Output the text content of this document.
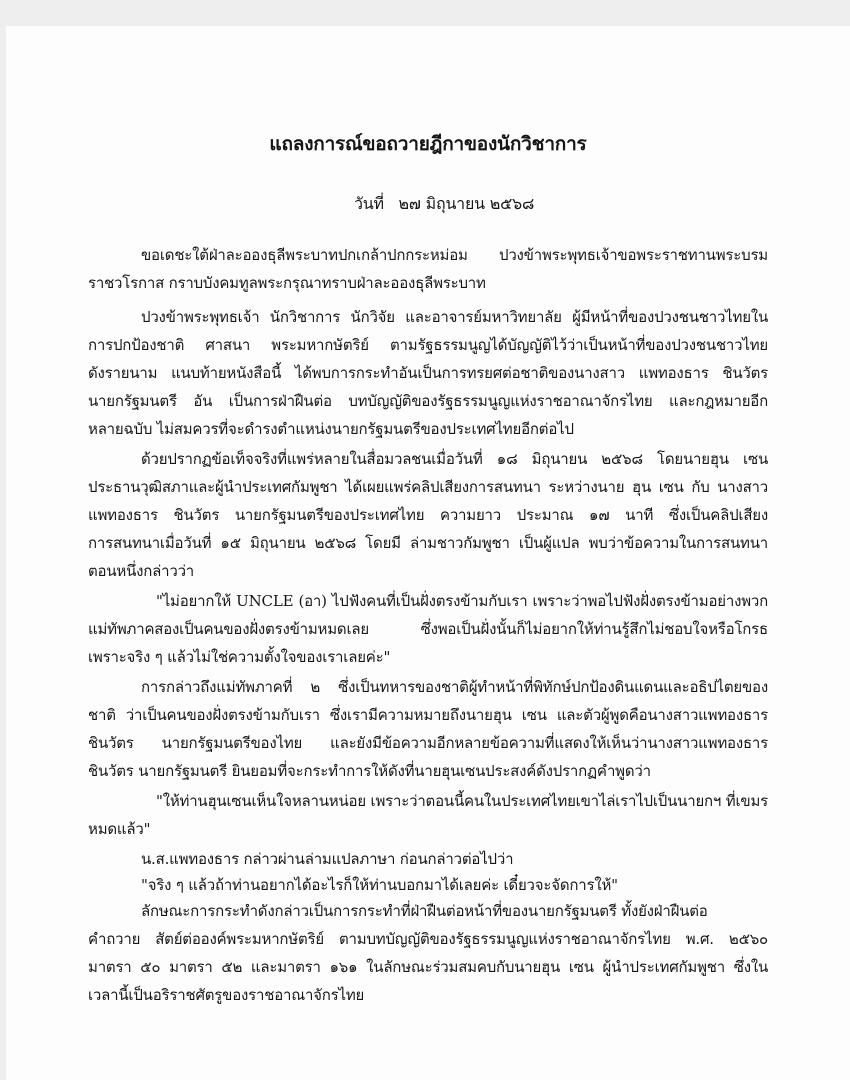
แถลงการณ์ขอถวายฎีกาของนักวิชาการ
วันที่ ๒๗ มิถุนายน ๒๕๖๘
ขอเดชะใต้ฝ่าละอองธุลีพระบาทปกเกล้าปกกระหม่อม ปวงข้าพระพุทธเจ้าขอพระราชทานพระบรม
ราชวโรกาส กราบบังคมทูลพระกรุณาทราบฝ่าละอองธุลีพระบาท
ปวงข้าพระพุทธเจ้า นักวิชาการ นักวิจัย และอาจารย์มหาวิทยาลัย ผู้มีหน้าที่ของปวงชนชาวไทยใน
การปกป้องชาติ ศาสนา พระมหากษัตริย์ ตามรัฐธรรมนูญได้บัญญัติไว้ว่าเป็นหน้าที่ของปวงชนชาวไทย
ดังรายนาม แนบท้ายหนังสือนี้ ได้พบการกระทำอันเป็นการทรยศต่อชาติของนางสาว แพทองธาร ชินวัตร
นายกรัฐมนตรี อัน เป็นการฝ่าฝืนต่อ บทบัญญัติของรัฐธรรมนูญแห่งราชอาณาจักรไทย และกฎหมายอีก
หลายฉบับ ไม่สมควรที่จะดำรงตำแหน่งนายกรัฐมนตรีของประเทศไทยอีกต่อไป
ด้วยปรากฏข้อเท็จจริงที่แพร่หลายในสื่อมวลชนเมื่อวันที่ ๑๘ มิถุนายน ๒๕๖๘ โดยนายฮุน เซน
ประธานวุฒิสภาและผู้นำประเทศกัมพูชา ได้เผยแพร่คลิปเสียงการสนทนา ระหว่างนาย ฮุน เซน กับ นางสาว
แพทองธาร ชินวัตร นายกรัฐมนตรีของประเทศไทย ความยาว ประมาณ ๑๗ นาที ซึ่งเป็นคลิปเสียง
การสนทนาเมื่อวันที่ ๑๕ มิถุนายน ๒๕๖๘ โดยมี ล่ามชาวกัมพูชา เป็นผู้แปล พบว่าข้อความในการสนทนา
ตอนหนึ่งกล่าวว่า
"ไม่อยากให้ UNCLE (อา) ไปฟังคนที่เป็นฝั่งตรงข้ามกับเรา เพราะว่าพอไปฟังฝั่งตรงข้ามอย่างพวก
แม่ทัพภาคสองเป็นคนของฝั่งตรงข้ามหมดเลย ซึ่งพอเป็นฝั่งนั้นก็ไม่อยากให้ท่านรู้สึกไม่ชอบใจหรือโกรธ
เพราะจริง ๆ แล้วไม่ใช่ความตั้งใจของเราเลยค่ะ"
การกล่าวถึงแม่ทัพภาคที่ ๒ ซึ่งเป็นทหารของชาติผู้ทำหน้าที่พิทักษ์ปกป้องดินแดนและอธิปไตยของ
ชาติ ว่าเป็นคนของฝั่งตรงข้ามกับเรา ซึ่งเรามีความหมายถึงนายฮุน เซน และตัวผู้พูดคือนางสาวแพทองธาร
ชินวัตร นายกรัฐมนตรีของไทย และยังมีข้อความอีกหลายข้อความที่แสดงให้เห็นว่านางสาวแพทองธาร
ชินวัตร นายกรัฐมนตรี ยินยอมที่จะกระทำการให้ดังที่นายฮุนเซนประสงค์ดังปรากฏคำพูดว่า
"ให้ท่านฮุนเซนเห็นใจหลานหน่อย เพราะว่าตอนนี้คนในประเทศไทยเขาไล่เราไปเป็นนายกฯ ที่เขมร
หมดแล้ว"
น.ส.แพทองธาร กล่าวผ่านล่ามแปลภาษา ก่อนกล่าวต่อไปว่า
"จริง ๆ แล้วถ้าท่านอยากได้อะไรก็ให้ท่านบอกมาได้เลยค่ะ เดี๋ยวจะจัดการให้"
ลักษณะการกระทำดังกล่าวเป็นการกระทำที่ฝ่าฝืนต่อหน้าที่ของนายกรัฐมนตรี ทั้งยังฝ่าฝืนต่อ
คำถวาย สัตย์ต่อองค์พระมหากษัตริย์ ตามบทบัญญัติของรัฐธรรมนูญแห่งราชอาณาจักรไทย พ.ศ. ๒๕๖๐
มาตรา ๕๐ มาตรา ๕๒ และมาตรา ๑๖๑ ในลักษณะร่วมสมคบกับนายฮุน เซน ผู้นำประเทศกัมพูชา ซึ่งใน
เวลานี้เป็นอริราชศัตรูของราชอาณาจักรไทย
